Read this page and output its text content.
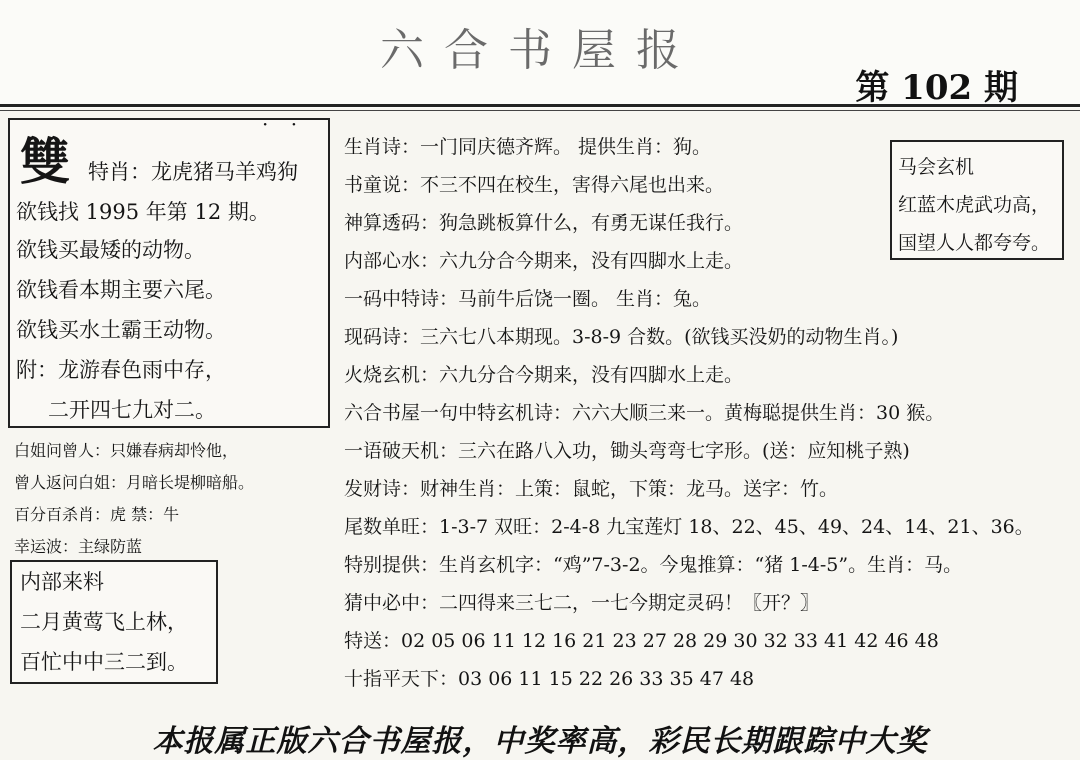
六合书屋报
第 102 期
· ·
雙 特肖：龙虎猪马羊鸡狗
欲钱找 1995 年第 12 期。
欲钱买最矮的动物。
欲钱看本期主要六尾。
欲钱买水土霸王动物。
附：龙游春色雨中存，
二开四七九对二。
白姐问曾人：只嫌春病却怜他，
曾人返问白姐：月暗长堤柳暗船。
百分百杀肖：虎 禁：牛
幸运波：主绿防蓝
内部来料
二月黄莺飞上林，
百忙中中三二到。
马会玄机
红蓝木虎武功高，
国望人人都夸夸。
生肖诗：一门同庆德齐辉。 提供生肖：狗。
书童说：不三不四在校生，害得六尾也出来。
神算透码：狗急跳板算什么，有勇无谋任我行。
内部心水：六九分合今期来，没有四脚水上走。
一码中特诗：马前牛后饶一圈。 生肖：兔。
现码诗：三六七八本期现。3-8-9 合数。(欲钱买没奶的动物生肖。)
火烧玄机：六九分合今期来，没有四脚水上走。
六合书屋一句中特玄机诗：六六大顺三来一。黄梅聪提供生肖：30 猴。
一语破天机：三六在路八入功，锄头弯弯七字形。(送：应知桃子熟)
发财诗：财神生肖：上策：鼠蛇，下策：龙马。送字：竹。
尾数单旺：1-3-7 双旺：2-4-8 九宝莲灯 18、22、45、49、24、14、21、36。
特别提供：生肖玄机字：“鸡”7-3-2。今鬼推算：“猪 1-4-5”。生肖：马。
猜中必中：二四得来三七二，一七今期定灵码！〖开？〗
特送：02 05 06 11 12 16 21 23 27 28 29 30 32 33 41 42 46 48
十指平天下：03 06 11 15 22 26 33 35 47 48
本报属正版六合书屋报，中奖率高，彩民长期跟踪中大奖
